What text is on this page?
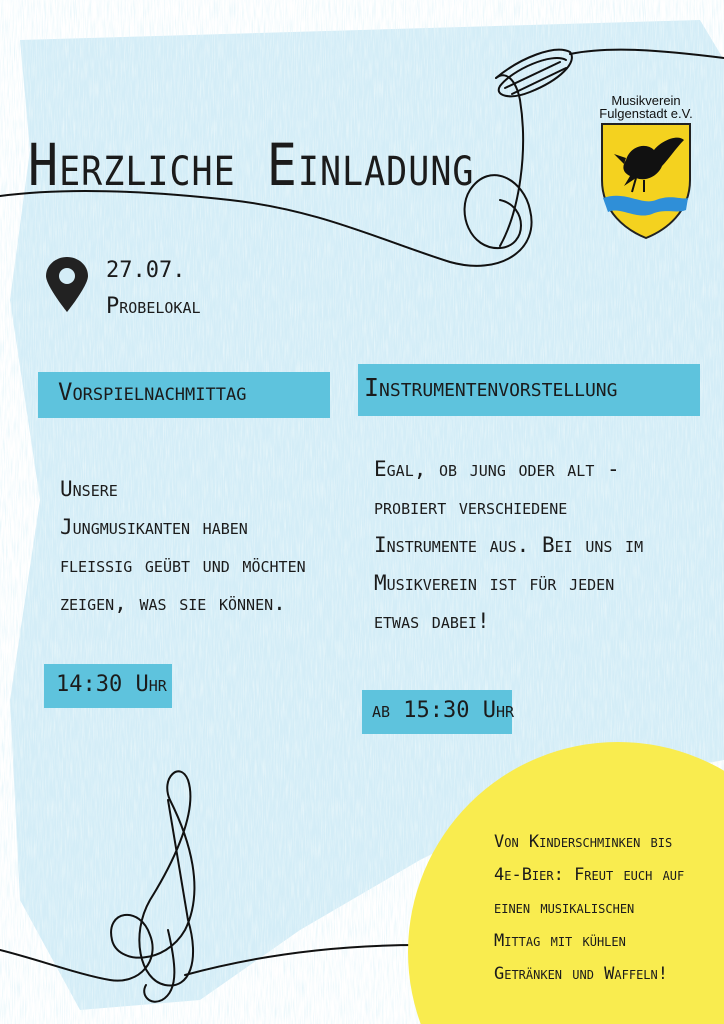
Herzliche Einladung
27.07.
Probelokal
Musikverein
Fulgenstadt e.V.
Vorspielnachmittag
Unsere
Jungmusikanten haben
fleißig geübt und möchten
zeigen, was sie können.
14:30 Uhr
Instrumentenvorstellung
Egal, ob jung oder alt -
probiert verschiedene
Instrumente aus. Bei uns im
Musikverein ist für jeden
etwas dabei!
ab 15:30 Uhr
Von Kinderschminken bis
4e-Bier: Freut euch auf
einen musikalischen
Mittag mit kühlen
Getränken und Waffeln!
